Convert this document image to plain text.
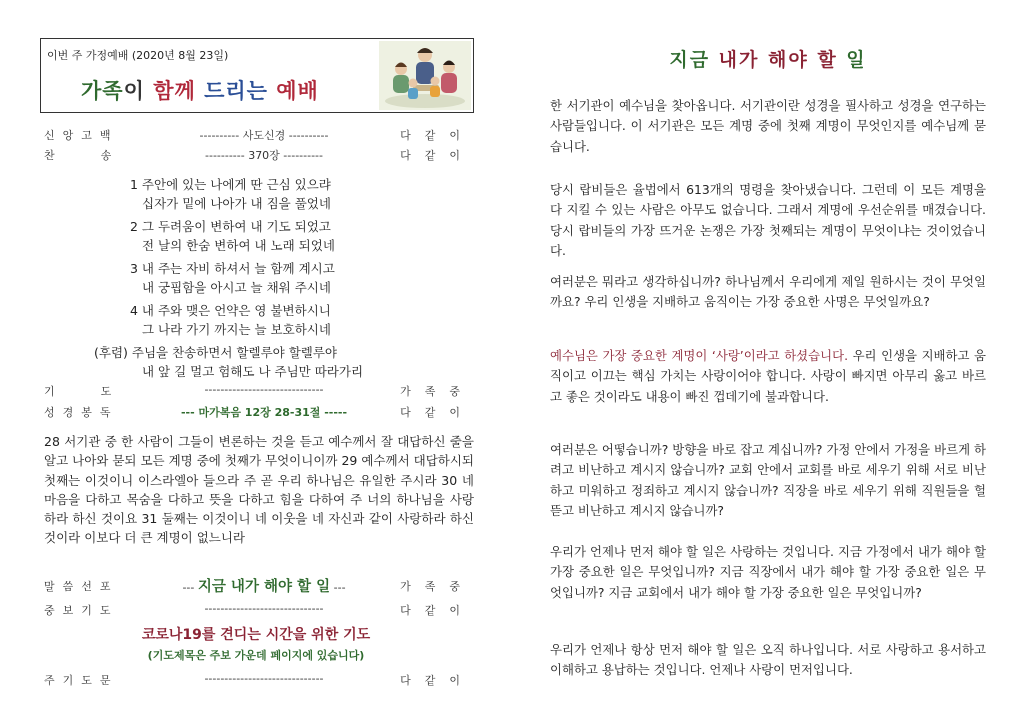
이번 주 가정예배 (2020년 8월 23일)
가족이 함께 드리는 예배
신앙고백	---------- 사도신경 ----------	다같이
찬　　송	---------- 370장 ----------	다같이
1 주안에 있는 나에게 딴 근심 있으랴
십자가 밑에 나아가 내 짐을 풀었네
2 그 두려움이 변하여 내 기도 되었고
전 날의 한숨 변하여 내 노래 되었네
3 내 주는 자비 하셔서 늘 함께 계시고
내 궁핍함을 아시고 늘 채워 주시네
4 내 주와 맺은 언약은 영 불변하시니
그 나라 가기 까지는 늘 보호하시네
(후렴) 주님을 찬송하면서 할렐루야 할렐루야
내 앞 길 멀고 험해도 나 주님만 따라가리
기　　도	------------------------------	가족중
성경봉독	--- 마가복음 12장 28-31절 -----	다같이
28 서기관 중 한 사람이 그들이 변론하는 것을 듣고 예수께서 잘 대답하신 줄을 알고 나아와 묻되 모든 계명 중에 첫째가 무엇이니이까 29 예수께서 대답하시되 첫째는 이것이니 이스라엘아 들으라 주 곧 우리 하나님은 유일한 주시라 30 네 마음을 다하고 목숨을 다하고 뜻을 다하고 힘을 다하여 주 너의 하나님을 사랑하라 하신 것이요 31 둘째는 이것이니 네 이웃을 네 자신과 같이 사랑하라 하신 것이라 이보다 더 큰 계명이 없느니라
말씀선포	--- 지금 내가 해야 할 일 ---	가족중
중보기도	------------------------------	다같이
코로나19를 견디는 시간을 위한 기도
(기도제목은 주보 가운데 페이지에 있습니다)
주기도문	------------------------------	다같이
지금 내가 해야 할 일
한 서기관이 예수님을 찾아옵니다. 서기관이란 성경을 필사하고 성경을 연구하는 사람들입니다. 이 서기관은 모든 계명 중에 첫째 계명이 무엇인지를 예수님께 묻습니다.
당시 랍비들은 율법에서 613개의 명령을 찾아냈습니다. 그런데 이 모든 계명을 다 지킬 수 있는 사람은 아무도 없습니다. 그래서 계명에 우선순위를 매겼습니다. 당시 랍비들의 가장 뜨거운 논쟁은 가장 첫째되는 계명이 무엇이냐는 것이었습니다.
여러분은 뭐라고 생각하십니까? 하나님께서 우리에게 제일 원하시는 것이 무엇일까요? 우리 인생을 지배하고 움직이는 가장 중요한 사명은 무엇일까요?
예수님은 가장 중요한 계명이 ‘사랑’이라고 하셨습니다. 우리 인생을 지배하고 움직이고 이끄는 핵심 가치는 사랑이어야 합니다. 사랑이 빠지면 아무리 옳고 바르고 좋은 것이라도 내용이 빠진 껍데기에 불과합니다.
여러분은 어떻습니까? 방향을 바로 잡고 계십니까? 가정 안에서 가정을 바르게 하려고 비난하고 계시지 않습니까? 교회 안에서 교회를 바로 세우기 위해 서로 비난하고 미워하고 정죄하고 계시지 않습니까? 직장을 바로 세우기 위해 직원들을 헐뜯고 비난하고 계시지 않습니까?
우리가 언제나 먼저 해야 할 일은 사랑하는 것입니다. 지금 가정에서 내가 해야 할 가장 중요한 일은 무엇입니까? 지금 직장에서 내가 해야 할 가장 중요한 일은 무엇입니까? 지금 교회에서 내가 해야 할 가장 중요한 일은 무엇입니까?
우리가 언제나 항상 먼저 해야 할 일은 오직 하나입니다. 서로 사랑하고 용서하고 이해하고 용납하는 것입니다. 언제나 사랑이 먼저입니다.
